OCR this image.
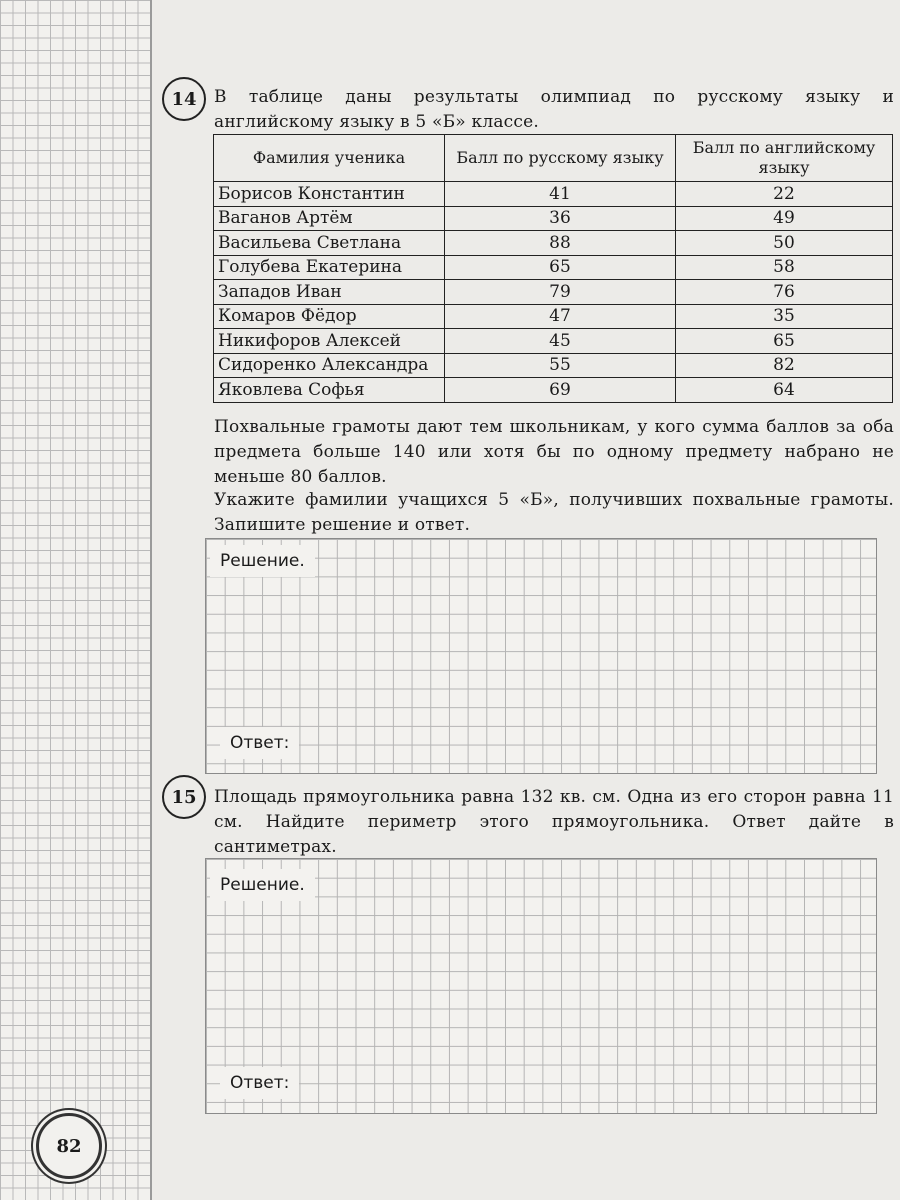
14	В таблице даны результаты олимпиад по русскому языку и
английскому языку в 5 «Б» классе.
Фамилия ученика	Балл по русскому языку	Балл по английскому языку
Борисов Константин	41	22
Ваганов Артём	36	49
Васильева Светлана	88	50
Голубева Екатерина	65	58
Западов Иван	79	76
Комаров Фёдор	47	35
Никифоров Алексей	45	65
Сидоренко Александра	55	82
Яковлева Софья	69	64
Похвальные грамоты дают тем школьникам, у кого сумма баллов за оба предмета больше 140 или хотя бы по одному предмету набрано не меньше 80 баллов.
Укажите фамилии учащихся 5 «Б», получивших похвальные грамоты. Запишите решение и ответ.
Решение.
Ответ:
15	Площадь прямоугольника равна 132 кв. см. Одна из его сторон равна 11 см. Найдите периметр этого прямоугольника. Ответ дайте в сантиметрах.
Решение.
Ответ:
82
